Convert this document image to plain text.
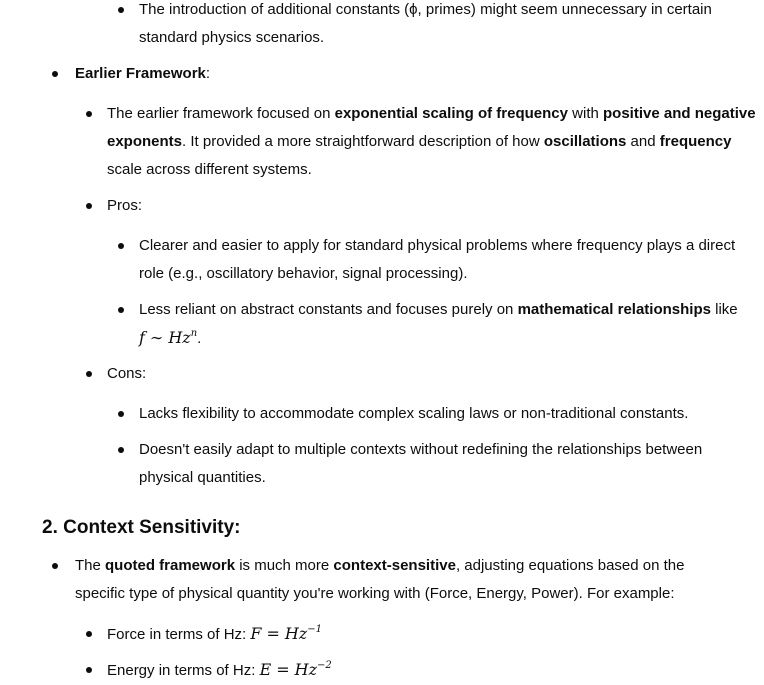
The introduction of additional constants (ϕ, primes) might seem unnecessary in certain standard physics scenarios.
Earlier Framework:
The earlier framework focused on exponential scaling of frequency with positive and negative exponents. It provided a more straightforward description of how oscillations and frequency scale across different systems.
Pros:
Clearer and easier to apply for standard physical problems where frequency plays a direct role (e.g., oscillatory behavior, signal processing).
Less reliant on abstract constants and focuses purely on mathematical relationships like f ∼ Hz$^n$.
Cons:
Lacks flexibility to accommodate complex scaling laws or non-traditional constants.
Doesn't easily adapt to multiple contexts without redefining the relationships between physical quantities.
2. Context Sensitivity:
The quoted framework is much more context-sensitive, adjusting equations based on the specific type of physical quantity you're working with (Force, Energy, Power). For example:
Force in terms of Hz: $F = Hz^{-1}$
Energy in terms of Hz: $E = Hz^{-2}$
